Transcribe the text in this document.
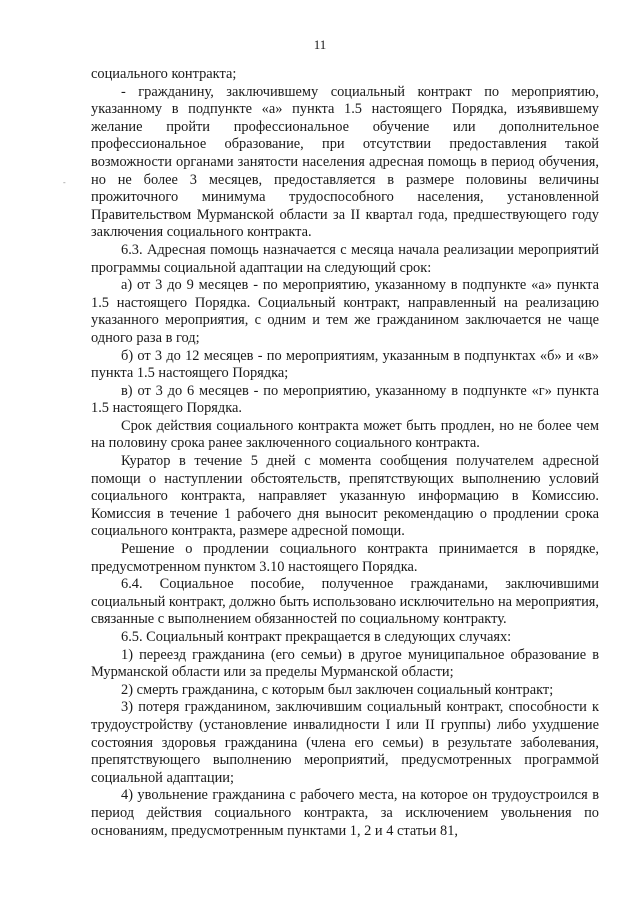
11
-

социального контракта;

- гражданину, заключившему социальный контракт по мероприятию, указанному в подпункте «а» пункта 1.5 настоящего Порядка, изъявившему желание пройти профессиональное обучение или дополнительное профессиональное образование, при отсутствии предоставления такой возможности органами занятости населения адресная помощь в период обучения, но не более 3 месяцев, предоставляется в размере половины величины прожиточного минимума трудоспособного населения, установленной Правительством Мурманской области за II квартал года, предшествующего году заключения социального контракта.

6.3. Адресная помощь назначается с месяца начала реализации мероприятий программы социальной адаптации на следующий срок:

а) от 3 до 9 месяцев - по мероприятию, указанному в подпункте «а» пункта 1.5 настоящего Порядка. Социальный контракт, направленный на реализацию указанного мероприятия, с одним и тем же гражданином заключается не чаще одного раза в год;

б) от 3 до 12 месяцев - по мероприятиям, указанным в подпунктах «б» и «в» пункта 1.5 настоящего Порядка;

в) от 3 до 6 месяцев - по мероприятию, указанному в подпункте «г» пункта 1.5 настоящего Порядка.

Срок действия социального контракта может быть продлен, но не более чем на половину срока ранее заключенного социального контракта.

Куратор в течение 5 дней с момента сообщения получателем адресной помощи о наступлении обстоятельств, препятствующих выполнению условий социального контракта, направляет указанную информацию в Комиссию. Комиссия в течение 1 рабочего дня выносит рекомендацию о продлении срока социального контракта, размере адресной помощи.

Решение о продлении социального контракта принимается в порядке, предусмотренном пунктом 3.10 настоящего Порядка.

6.4. Социальное пособие, полученное гражданами, заключившими социальный контракт, должно быть использовано исключительно на мероприятия, связанные с выполнением обязанностей по социальному контракту.

6.5. Социальный контракт прекращается в следующих случаях:

1) переезд гражданина (его семьи) в другое муниципальное образование в Мурманской области или за пределы Мурманской области;

2) смерть гражданина, с которым был заключен социальный контракт;

3) потеря гражданином, заключившим социальный контракт, способности к трудоустройству (установление инвалидности I или II группы) либо ухудшение состояния здоровья гражданина (члена его семьи) в результате заболевания, препятствующего выполнению мероприятий, предусмотренных программой социальной адаптации;

4) увольнение гражданина с рабочего места, на которое он трудоустроился в период действия социального контракта, за исключением увольнения по основаниям, предусмотренным пунктами 1, 2 и 4 статьи 81,
